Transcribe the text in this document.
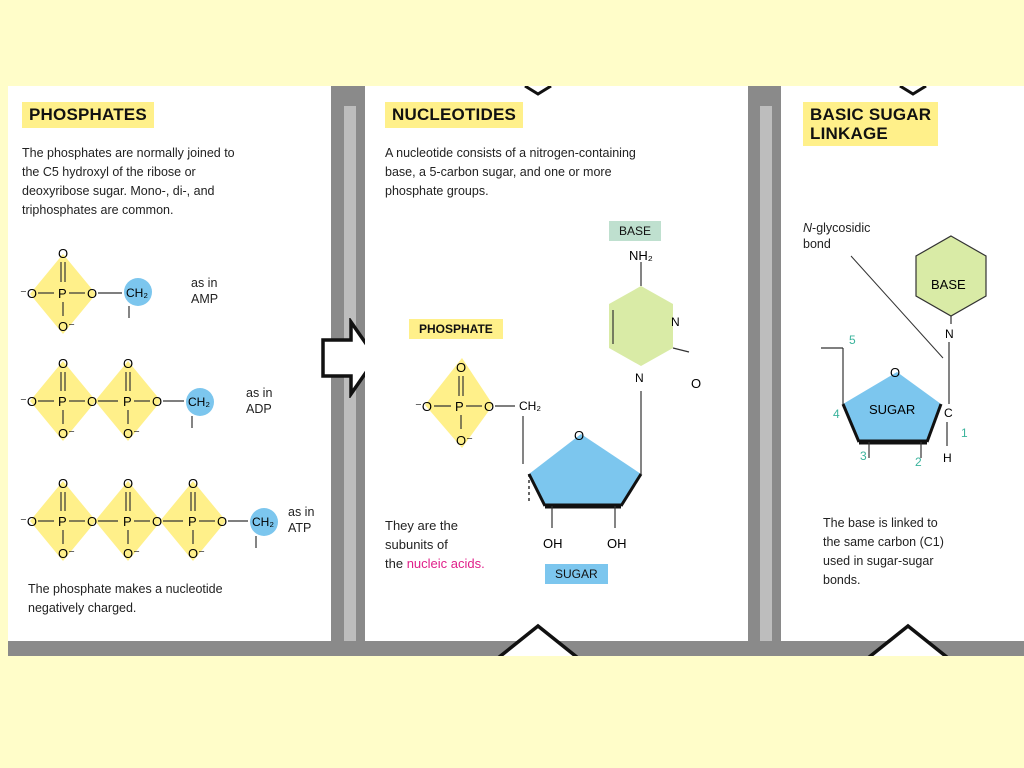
PHOSPHATES
The phosphates are normally joined to
the C5 hydroxyl of the ribose or
deoxyribose sugar. Mono-, di-, and
triphosphates are common.
⁻O P O CH₂
O
O⁻
⁻O P O P O CH₂
O	O
O⁻	O⁻
⁻O P O P O P O CH₂
O	O	O
O⁻	O⁻	O⁻
as in
AMP
as in
ADP
as in
ATP
The phosphate makes a nucleotide
negatively charged.
NUCLEOTIDES
A nucleotide consists of a nitrogen-containing
base, a 5-carbon sugar, and one or more
phosphate groups.
BASE
PHOSPHATE
⁻O P O CH₂
O
O⁻	O
OH	OH
NH₂
N
N	O
They are the
subunits of
the nucleic acids.
SUGAR
BASIC SUGAR
LINKAGE
N-glycosidic
bond
BASE
N
O
SUGAR C
H
5
4
3	2
1
The base is linked to
the same carbon (C1)
used in sugar-sugar
bonds.
